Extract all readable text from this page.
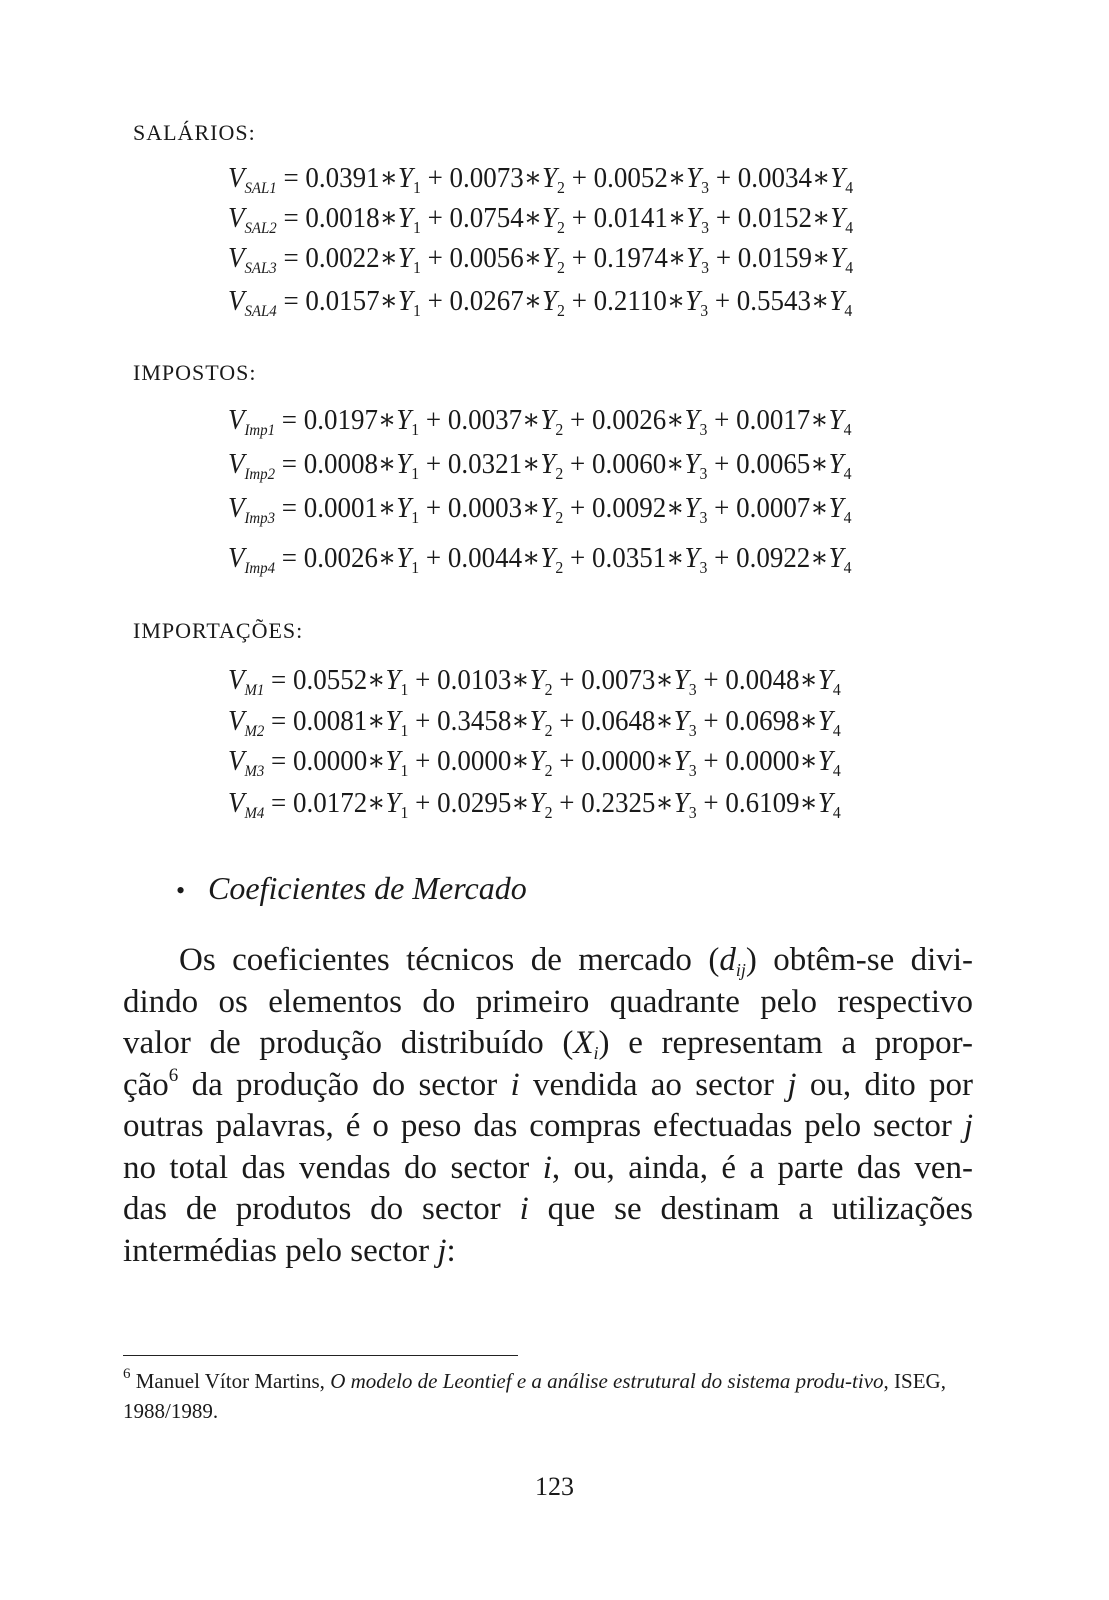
SALÁRIOS:
$V_{SAL1}$ = $0.0391∗Y_1$ + $0.0073∗Y_2$ + $0.0052∗Y_3$ + $0.0034∗Y_4$
$V_{SAL2}$ = $0.0018∗Y_1$ + $0.0754∗Y_2$ + $0.0141∗Y_3$ + $0.0152∗Y_4$
$V_{SAL3}$ = $0.0022∗Y_1$ + $0.0056∗Y_2$ + $0.1974∗Y_3$ + $0.0159∗Y_4$
$V_{SAL4}$ = $0.0157∗Y_1$ + $0.0267∗Y_2$ + $0.2110∗Y_3$ + $0.5543∗Y_4$
IMPOSTOS:
$V_{Imp1}$ = $0.0197∗Y_1$ + $0.0037∗Y_2$ + $0.0026∗Y_3$ + $0.0017∗Y_4$
$V_{Imp2}$ = $0.0008∗Y_1$ + $0.0321∗Y_2$ + $0.0060∗Y_3$ + $0.0065∗Y_4$
$V_{Imp3}$ = $0.0001∗Y_1$ + $0.0003∗Y_2$ + $0.0092∗Y_3$ + $0.0007∗Y_4$
$V_{Imp4}$ = $0.0026∗Y_1$ + $0.0044∗Y_2$ + $0.0351∗Y_3$ + $0.0922∗Y_4$
IMPORTAÇÕES:
$V_{M1}$ = $0.0552∗Y_1$ + $0.0103∗Y_2$ + $0.0073∗Y_3$ + $0.0048∗Y_4$
$V_{M2}$ = $0.0081∗Y_1$ + $0.3458∗Y_2$ + $0.0648∗Y_3$ + $0.0698∗Y_4$
$V_{M3}$ = $0.0000∗Y_1$ + $0.0000∗Y_2$ + $0.0000∗Y_3$ + $0.0000∗Y_4$
$V_{M4}$ = $0.0172∗Y_1$ + $0.0295∗Y_2$ + $0.2325∗Y_3$ + $0.6109∗Y_4$
• Coeficientes de Mercado
Os coeficientes técnicos de mercado $(d_{ij})$ obtêm-se divi-
dindo os elementos do primeiro quadrante pelo respectivo
valor de produção distribuído $(X_i)$ e representam a propor-
ção$^6$ da produção do sector i vendida ao sector j ou, dito por
outras palavras, é o peso das compras efectuadas pelo sector j
no total das vendas do sector i, ou, ainda, é a parte das ven-
das de produtos do sector i que se destinam a utilizações
intermédias pelo sector j:
$^6$ Manuel Vítor Martins, O modelo de Leontief e a análise estrutural do sistema produ-tivo, ISEG, 1988/1989.
123
